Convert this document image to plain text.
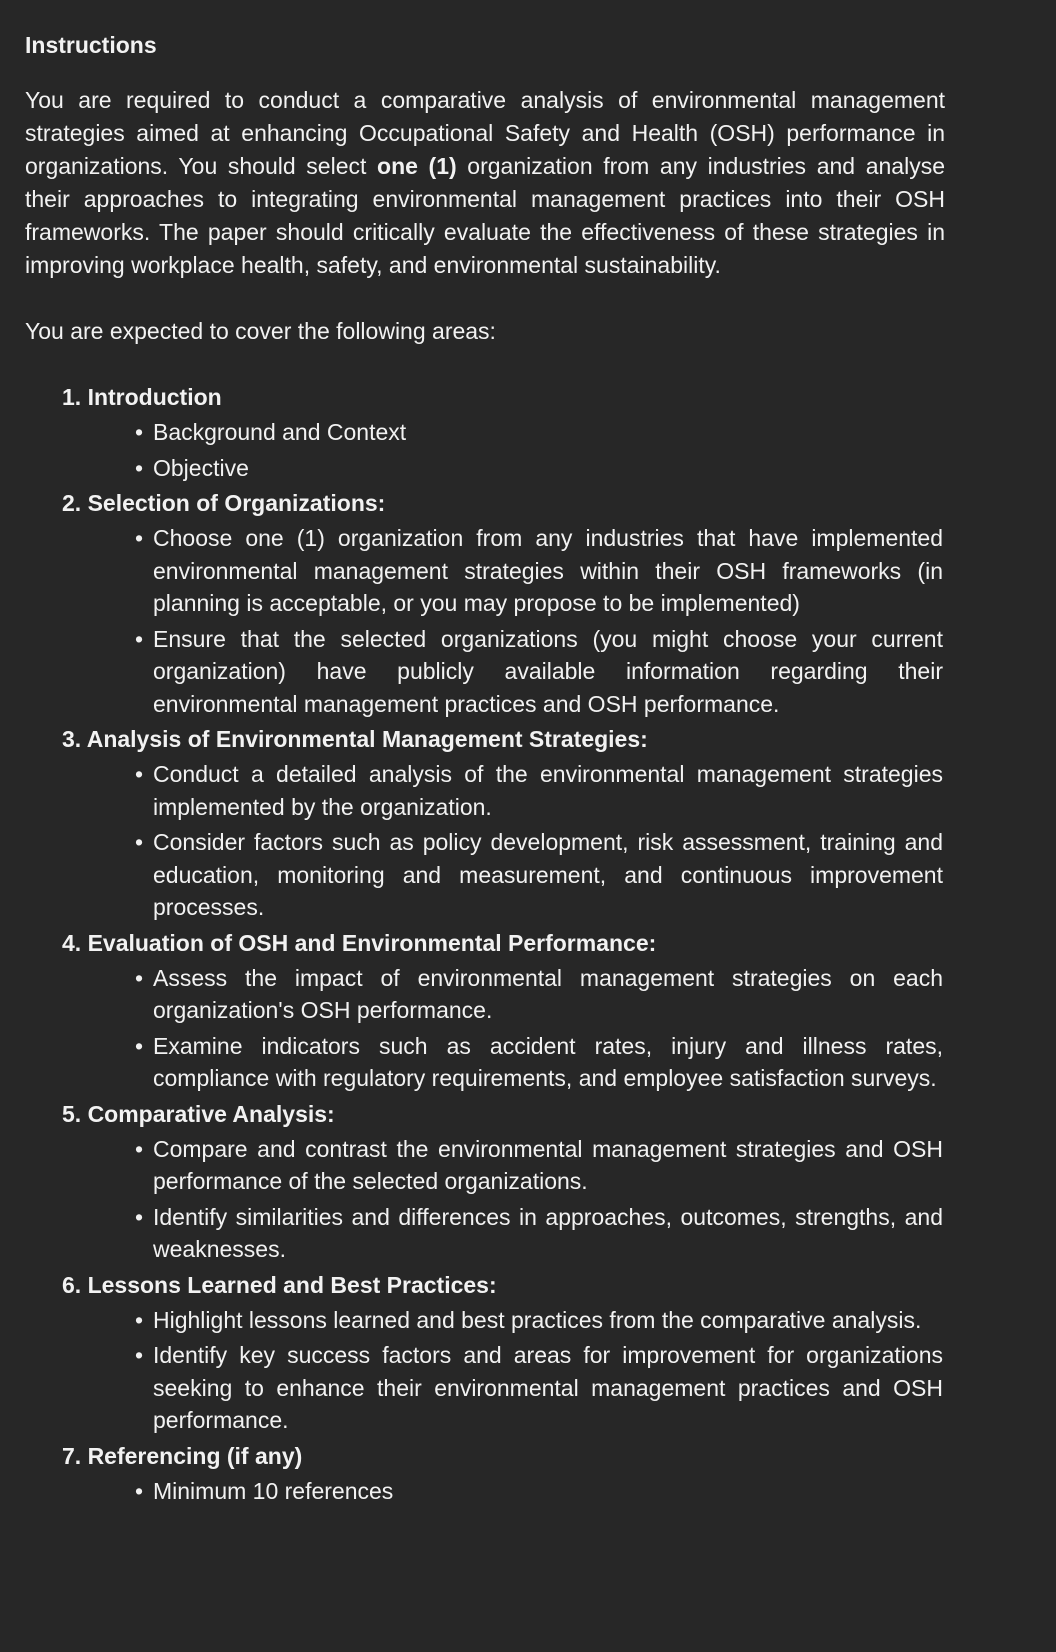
Instructions

You are required to conduct a comparative analysis of environmental management strategies aimed at enhancing Occupational Safety and Health (OSH) performance in organizations. You should select one (1) organization from any industries and analyse their approaches to integrating environmental management practices into their OSH frameworks. The paper should critically evaluate the effectiveness of these strategies in improving workplace health, safety, and environmental sustainability.

You are expected to cover the following areas:

1. Introduction
• Background and Context
• Objective
2. Selection of Organizations:
• Choose one (1) organization from any industries that have implemented environmental management strategies within their OSH frameworks (in planning is acceptable, or you may propose to be implemented)
• Ensure that the selected organizations (you might choose your current organization) have publicly available information regarding their environmental management practices and OSH performance.
3. Analysis of Environmental Management Strategies:
• Conduct a detailed analysis of the environmental management strategies implemented by the organization.
• Consider factors such as policy development, risk assessment, training and education, monitoring and measurement, and continuous improvement processes.
4. Evaluation of OSH and Environmental Performance:
• Assess the impact of environmental management strategies on each organization's OSH performance.
• Examine indicators such as accident rates, injury and illness rates, compliance with regulatory requirements, and employee satisfaction surveys.
5. Comparative Analysis:
• Compare and contrast the environmental management strategies and OSH performance of the selected organizations.
• Identify similarities and differences in approaches, outcomes, strengths, and weaknesses.
6. Lessons Learned and Best Practices:
• Highlight lessons learned and best practices from the comparative analysis.
• Identify key success factors and areas for improvement for organizations seeking to enhance their environmental management practices and OSH performance.
7. Referencing (if any)
• Minimum 10 references
